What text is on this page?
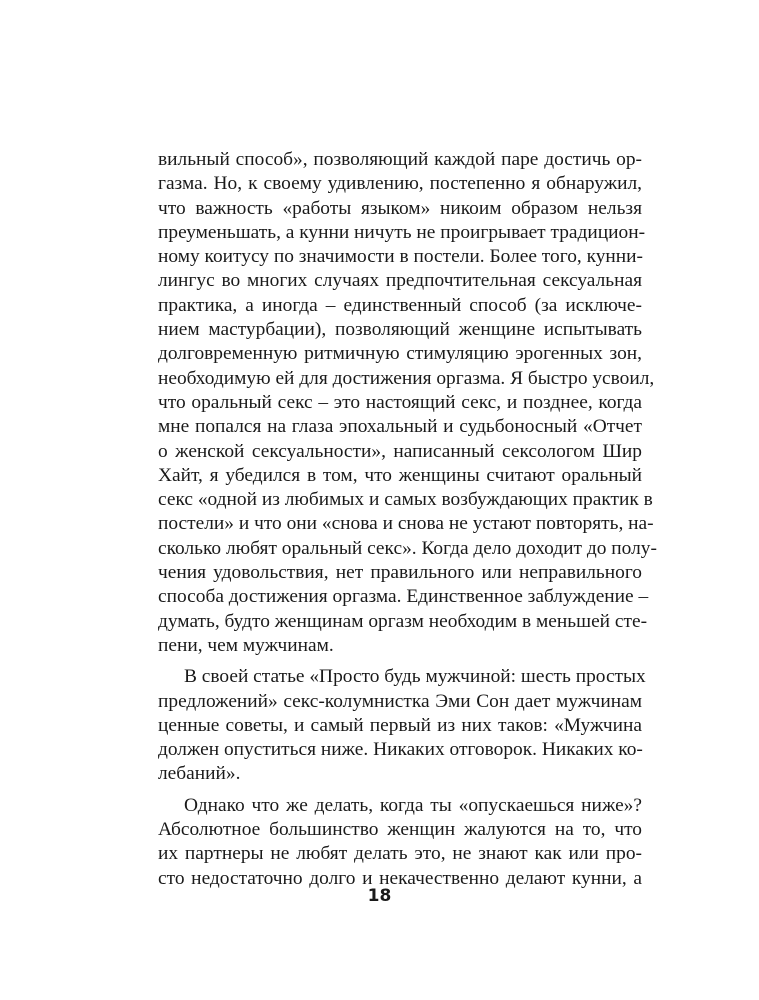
вильный способ», позволяющий каждой паре достичь ор-
газма. Но, к своему удивлению, постепенно я обнаружил,
что важность «работы языком» никоим образом нельзя
преуменьшать, а кунни ничуть не проигрывает традицион-
ному коитусу по значимости в постели. Более того, кунни-
лингус во многих случаях предпочтительная сексуальная
практика, а иногда – единственный способ (за исключе-
нием мастурбации), позволяющий женщине испытывать
долговременную ритмичную стимуляцию эрогенных зон,
необходимую ей для достижения оргазма. Я быстро усвоил,
что оральный секс – это настоящий секс, и позднее, когда
мне попался на глаза эпохальный и судьбоносный «Отчет
о женской сексуальности», написанный сексологом Шир
Хайт, я убедился в том, что женщины считают оральный
секс «одной из любимых и самых возбуждающих практик в
постели» и что они «снова и снова не устают повторять, на-
сколько любят оральный секс». Когда дело доходит до полу-
чения удовольствия, нет правильного или неправильного
способа достижения оргазма. Единственное заблуждение –
думать, будто женщинам оргазм необходим в меньшей сте-
пени, чем мужчинам.
В своей статье «Просто будь мужчиной: шесть простых
предложений» секс-колумнистка Эми Сон дает мужчинам
ценные советы, и самый первый из них таков: «Мужчина
должен опуститься ниже. Никаких отговорок. Никаких ко-
лебаний».
Однако что же делать, когда ты «опускаешься ниже»?
Абсолютное большинство женщин жалуются на то, что
их партнеры не любят делать это, не знают как или про-
сто недостаточно долго и некачественно делают кунни, а
18
